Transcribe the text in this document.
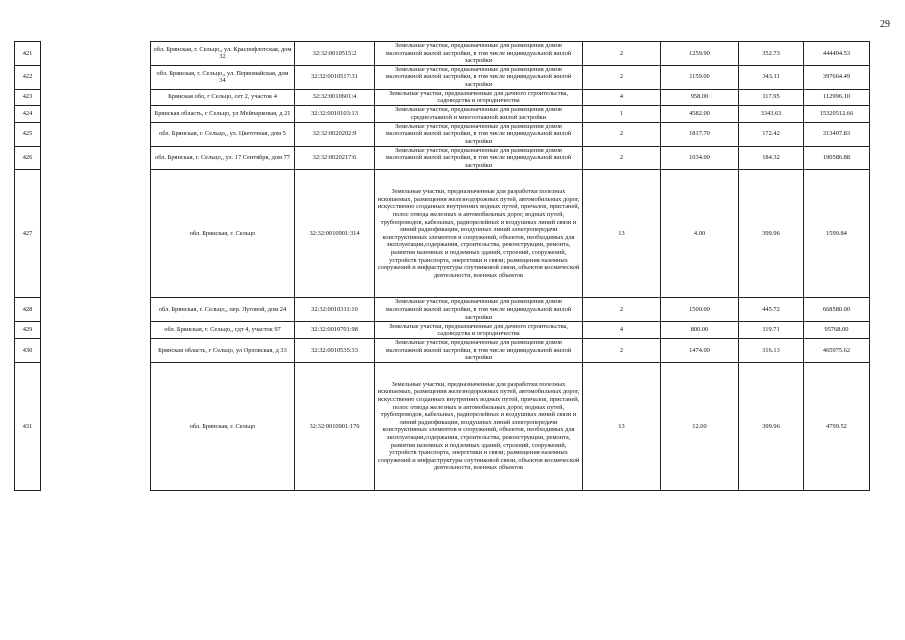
29
421		обл. Брянская, г. Сельцо,, ул. Краснофлотская, дом 32	32:32:0010515:2	Земельные участки, предназначенные для размещения домов малоэтажной жилой застройки, в том числе индивидуальной жилой застройки	2	1259.90	352.73	444404.53
422		обл. Брянская, г. Сельцо,, ул. Первомайская, дом 34	32:32:0010517:31	Земельные участки, предназначенные для размещения домов малоэтажной жилой застройки, в том числе индивидуальной жилой застройки	2	1159.00	343.11	397664.49
423		Брянская обл, г Сельцо, сет 2, участок 4	32:32:0010601:4	Земельные участки, предназначенные для дачного строительства, садоводства и огородничества	4	958.00	117.95	112996.10
424		Брянская область, г Сельцо, ул Мейпарковая, д 21	32:32:0010103:13	Земельные участки, предназначенные для размещения домов среднеэтажной и многоэтажной жилой застройки	1	4582.00	3343.63	15320512.66
425		обл. Брянская, г. Сельцо,, ул. Цветочная, дом 5	32:32:0020202:9	Земельные участки, предназначенные для размещения домов малоэтажной жилой застройки, в том числе индивидуальной жилой застройки	2	1817.70	172.42	313407.83
426		обл. Брянская, г. Сельцо,, ул. 17 Сентября, дом 77	32:32:0020217:6	Земельные участки, предназначенные для размещения домов малоэтажной жилой застройки, в том числе индивидуальной жилой застройки	2	1034.00	184.32	190586.88
427		обл. Брянская, г. Сельцо	32:32:0010901:314	Земельные участки, предназначенные для разработки полезных ископаемых, размещения железнодорожных путей, автомобильных дорог, искусственно созданных внутренних водных путей, причалов, пристаней, полос отвода железных и автомобильных дорог, водных путей, трубопроводов, кабельных, радиорелейных и воздушных линий связи и линий радиофикации, воздушных линий электропередачи конструктивных элементов и сооружений, объектов, необходимых для эксплуатации,содержания, строительства, реконструкции, ремонта, развития наземных и подземных зданий, строений, сооружений, устройств транспорта, энергетики и связи; размещения наземных сооружений и инфраструктуры спутниковой связи, объектов космической деятельности, военных объектов	13	4.00	399.96	1599.84
428		обл. Брянская, г. Сельцо,, пер. Луговой, дом 24	32:32:0010311:10	Земельные участки, предназначенные для размещения домов малоэтажной жилой застройки, в том числе индивидуальной жилой застройки	2	1500.00	445.72	668580.00
429		обл. Брянская, г. Сельцо,, сдт 4, участок 97	32:32:0010701:98	Земельные участки, предназначенные для дачного строительства, садоводства и огородничества	4	800.00	119.71	95768.00
430		Брянская область, г Сельцо, ул Орловская, д 33	32:32:0010535:33	Земельные участки, предназначенные для размещения домов малоэтажной жилой застройки, в том числе индивидуальной жилой застройки	2	1474.00	316.13	465975.62
431		обл. Брянская, г. Сельцо	32:32:0010901:176	Земельные участки, предназначенные для разработки полезных ископаемых, размещения железнодорожных путей, автомобильных дорог, искусственно созданных внутренних водных путей, причалов, пристаней, полос отвода железных и автомобильных дорог, водных путей, трубопроводов, кабельных, радиорелейных и воздушных линий связи и линий радиофикации, воздушных линий электропередачи конструктивных элементов и сооружений, объектов, необходимых для эксплуатации,содержания, строительства, реконструкции, ремонта, развития наземных и подземных зданий, строений, сооружений, устройств транспорта, энергетики и связи; размещения наземных сооружений и инфраструктуры спутниковой связи, объектов космической деятельности, военных объектов	13	12.00	399.96	4799.52
